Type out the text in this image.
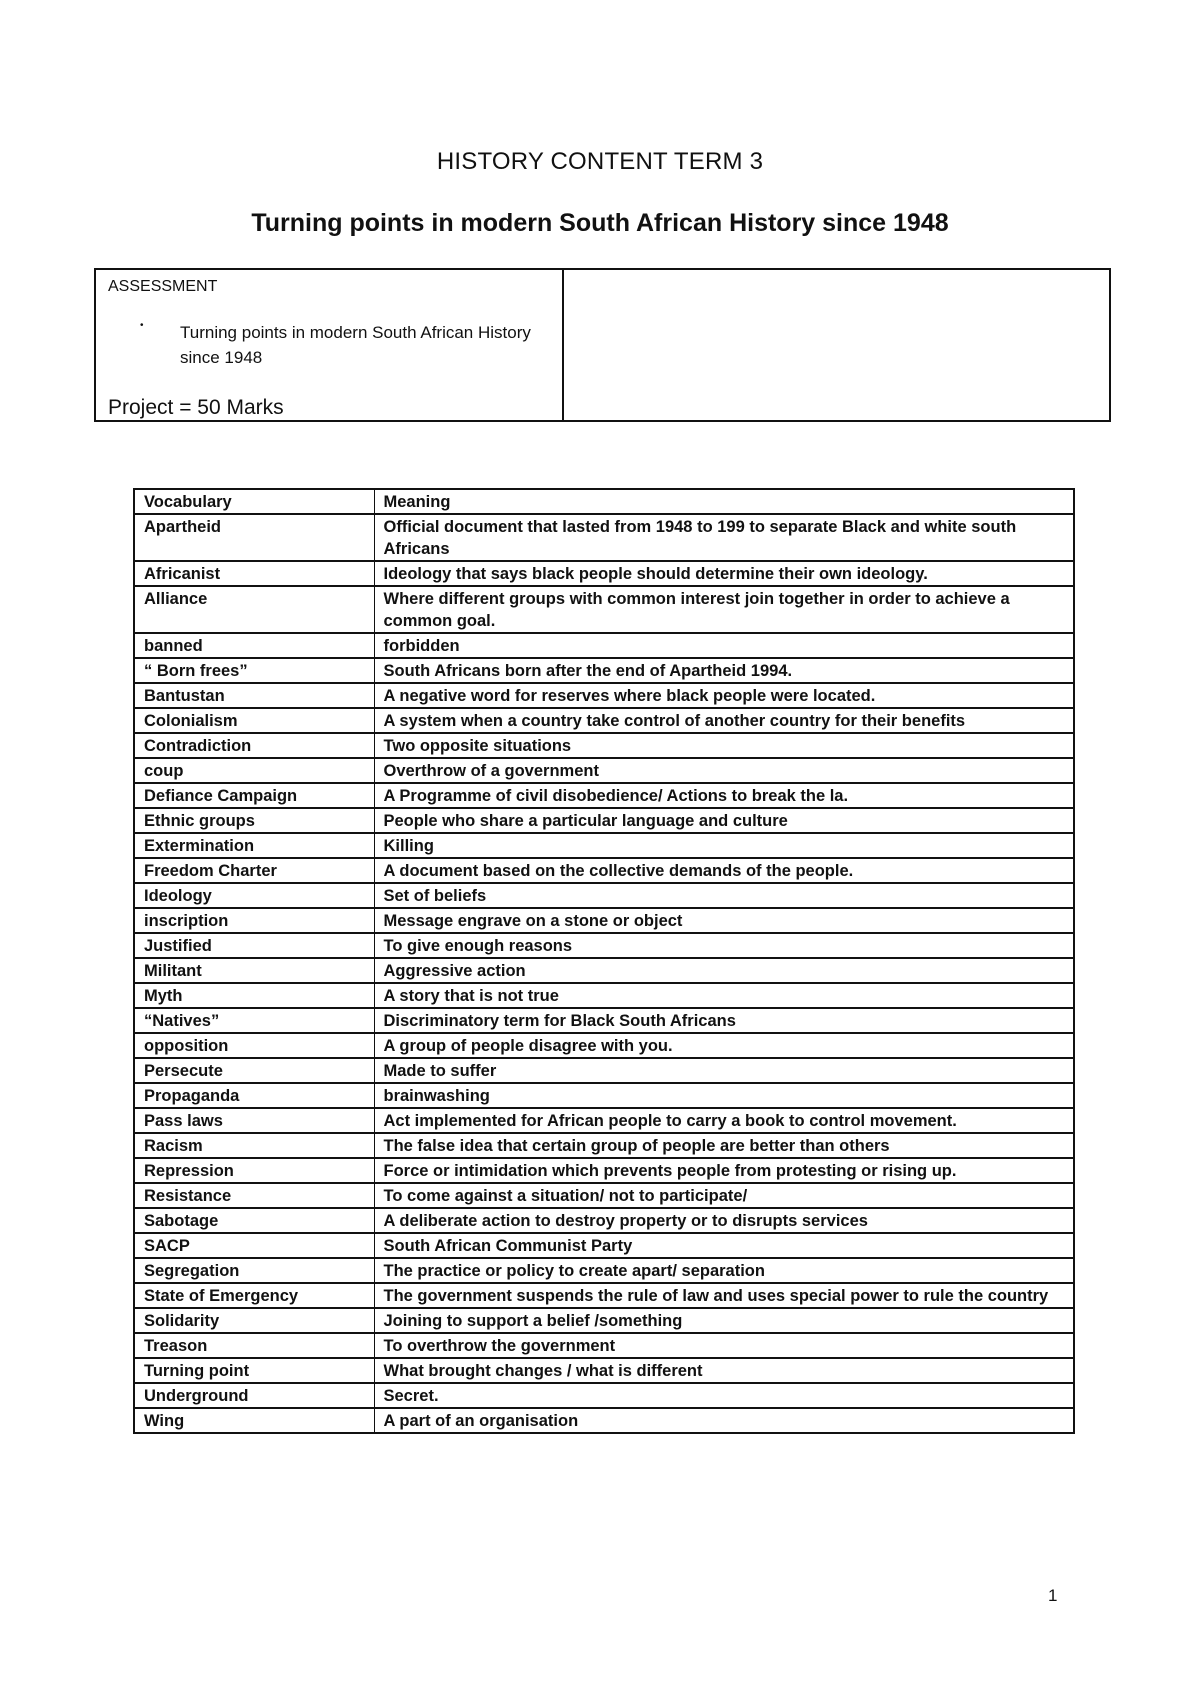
HISTORY CONTENT TERM 3
Turning points in modern South African History since 1948
ASSESSMENT
• Turning points in modern South African History since 1948
Project = 50 Marks
Vocabulary	Meaning
Apartheid	Official document that lasted from 1948 to 199 to separate Black and white south Africans
Africanist	Ideology that says black people should determine their own ideology.
Alliance	Where different groups with common interest join together in order to achieve a common goal.
banned	forbidden
“ Born frees”	South Africans born after the end of Apartheid 1994.
Bantustan	A negative word for reserves where black people were located.
Colonialism	A system when a country take control of another country for their benefits
Contradiction	Two opposite situations
coup	Overthrow of a government
Defiance Campaign	A Programme of civil disobedience/ Actions to break the la.
Ethnic groups	People who share a particular language and culture
Extermination	Killing
Freedom Charter	A document based on the collective demands of the people.
Ideology	Set of beliefs
inscription	Message engrave on a stone or object
Justified	To give enough reasons
Militant	Aggressive action
Myth	A story that is not true
“Natives”	Discriminatory term for Black South Africans
opposition	A group of people disagree with you.
Persecute	Made to suffer
Propaganda	brainwashing
Pass laws	Act implemented for African people to carry a book to control movement.
Racism	The false idea that certain group of people are better than others
Repression	Force or intimidation which prevents people from protesting or rising up.
Resistance	To come against a situation/ not to participate/
Sabotage	A deliberate action to destroy property or to disrupts services
SACP	South African Communist Party
Segregation	The practice or policy to create apart/ separation
State of Emergency	The government suspends the rule of law and uses special power to rule the country
Solidarity	Joining to support a belief /something
Treason	To overthrow the government
Turning point	What brought changes / what is different
Underground	Secret.
Wing	A part of an organisation
1
